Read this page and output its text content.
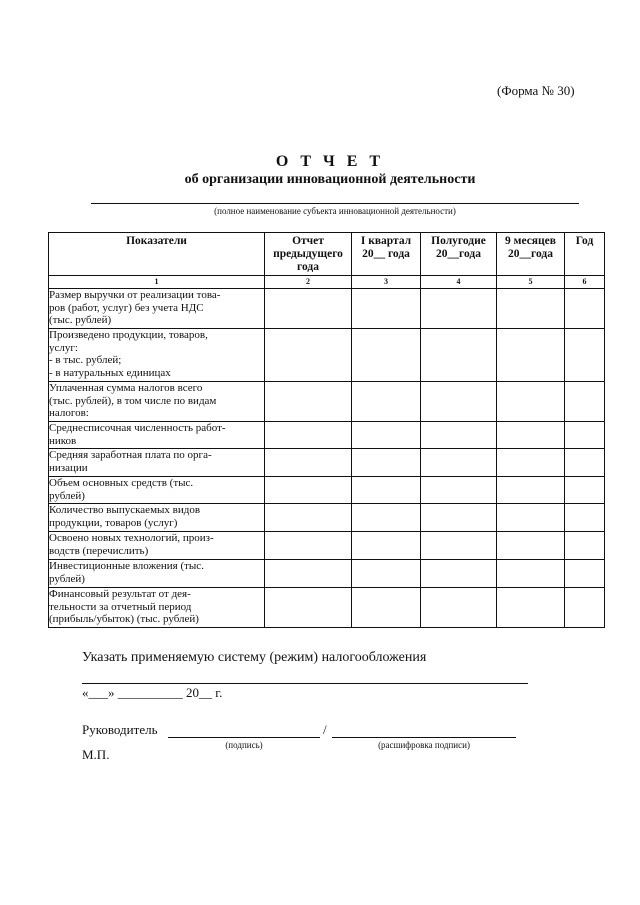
(Форма № 30)
О Т Ч Е Т
об организации инновационной деятельности
(полное наименование субъекта инновационной деятельности)
Показатели	Отчет предыдущего года	I квартал 20__ года	Полугодие 20__года	9 месяцев 20__года	Год
1	2	3	4	5	6

Размер выручки от реализации това-
ров (работ, услуг) без учета НДС
(тыс. рублей)					

Произведено продукции, товаров,
услуг:
- в тыс. рублей;
- в натуральных единицах					

Уплаченная сумма налогов всего
(тыс. рублей), в том числе по видам
налогов:					

Среднесписочная численность работ-
ников					

Средняя заработная плата по орга-
низации					

Объем основных средств (тыс.
рублей)					

Количество выпускаемых видов
продукции, товаров (услуг)					

Освоено новых технологий, произ-
водств (перечислить)					

Инвестиционные вложения (тыс.
рублей)					

Финансовый результат от дея-
тельности за отчетный период
(прибыль/убыток) (тыс. рублей)					

Указать применяемую систему (режим) налогообложения
«___» __________ 20__ г.
Руководитель	/
(подпись)	(расшифровка подписи)
М.П.
